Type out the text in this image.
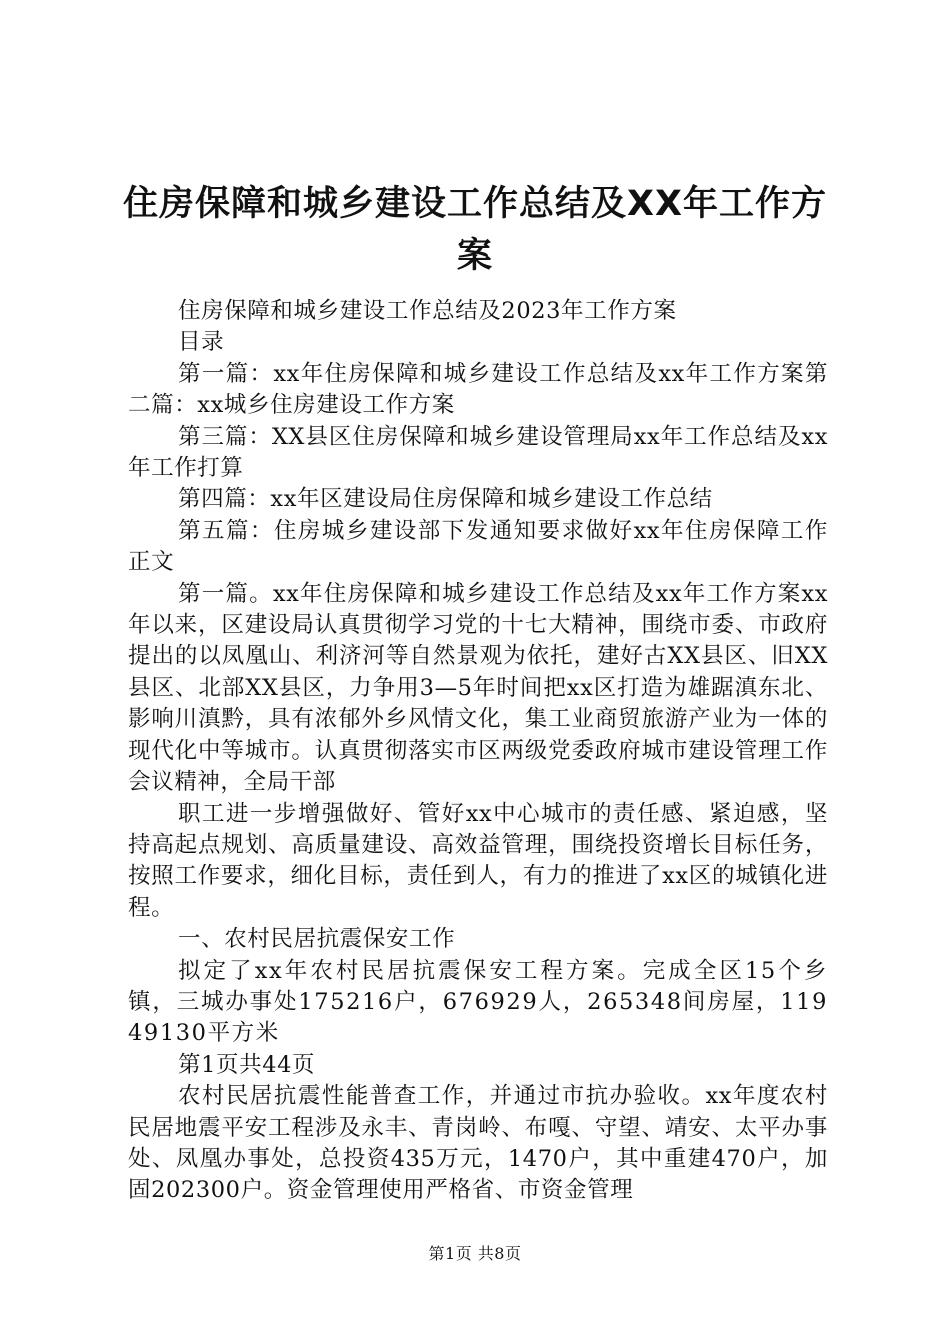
住房保障和城乡建设工作总结及XX年工作方案

住房保障和城乡建设工作总结及2023年工作方案

目录

第一篇：xx年住房保障和城乡建设工作总结及xx年工作方案第二篇：xx城乡住房建设工作方案

第三篇：XX县区住房保障和城乡建设管理局xx年工作总结及xx年工作打算

第四篇：xx年区建设局住房保障和城乡建设工作总结

第五篇：住房城乡建设部下发通知要求做好xx年住房保障工作正文

第一篇。xx年住房保障和城乡建设工作总结及xx年工作方案xx年以来，区建设局认真贯彻学习党的十七大精神，围绕市委、市政府提出的以凤凰山、利济河等自然景观为依托，建好古XX县区、旧XX县区、北部XX县区，力争用3—5年时间把xx区打造为雄踞滇东北、影响川滇黔，具有浓郁外乡风情文化，集工业商贸旅游产业为一体的现代化中等城市。认真贯彻落实市区两级党委政府城市建设管理工作会议精神，全局干部

职工进一步增强做好、管好xx中心城市的责任感、紧迫感，坚持高起点规划、高质量建设、高效益管理，围绕投资增长目标任务，按照工作要求，细化目标，责任到人，有力的推进了xx区的城镇化进程。

一、农村民居抗震保安工作

拟定了xx年农村民居抗震保安工程方案。完成全区15个乡镇，三城办事处175216户，676929人，265348间房屋，11949130平方米

第1页共44页

农村民居抗震性能普查工作，并通过市抗办验收。xx年度农村民居地震平安工程涉及永丰、青岗岭、布嘎、守望、靖安、太平办事处、凤凰办事处，总投资435万元，1470户，其中重建470户，加固202300户。资金管理使用严格省、市资金管理

第1页 共8页
